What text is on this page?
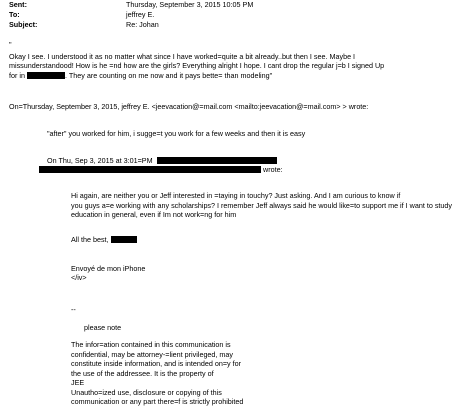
Sent:	Thursday, September 3, 2015 10:05 PM
To:	jeffrey E.
Subject:	Re: Johan
"
Okay I see. I understood it as no matter what since I have worked=quite a bit already..but then I see. Maybe I
missunderstandood! How is he =nd how are the girls? Everything alright I hope. I cant drop the regular j=b I signed Up
for in	. They are counting on me now and it pays bette= than modeling"
On=Thursday, September 3, 2015, jeffrey E. <jeevacation@=mail.com <mailto:jeevacation@=mail.com> > wrote:
"after" you worked for him, i sugge=t you work for a few weeks and then it is easy
On Thu, Sep 3, 2015 at 3:01=PM
wrote:
Hi again, are neither you or Jeff interested in =taying in touchy? Just asking. And I am curious to know if
you guys a=e working with any scholarships? I remember Jeff always said he would like=to support me if I want to study
education in general, even if Im not work=ng for him
All the best,
Envoyé de mon iPhone
</iv>
--
please note
The infor=ation contained in this communication is
confidential, may be attorney-=lient privileged, may
constitute inside information, and is intended on=y for
the use of the addressee. It is the property of
JEE
Unautho=ized use, disclosure or copying of this
communication or any part there=f is strictly prohibited
